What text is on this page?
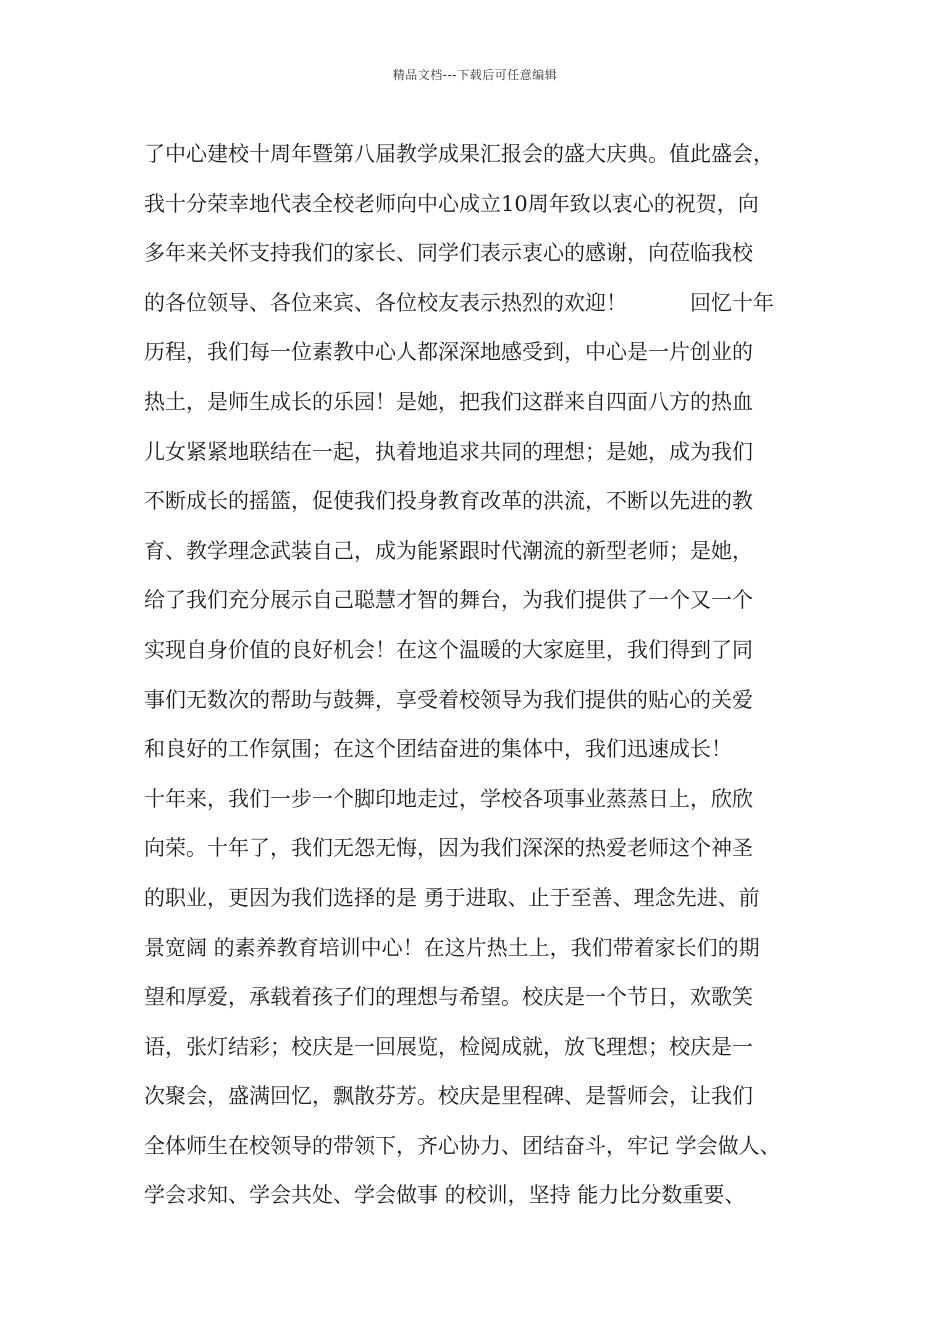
精品文档---下载后可任意编辑
了中心建校十周年暨第八届教学成果汇报会的盛大庆典。值此盛会，
我十分荣幸地代表全校老师向中心成立10周年致以衷心的祝贺，向
多年来关怀支持我们的家长、同学们表示衷心的感谢，向莅临我校
的各位领导、各位来宾、各位校友表示热烈的欢迎！　　　回忆十年
历程，我们每一位素教中心人都深深地感受到，中心是一片创业的
热土，是师生成长的乐园！是她，把我们这群来自四面八方的热血
儿女紧紧地联结在一起，执着地追求共同的理想；是她，成为我们
不断成长的摇篮，促使我们投身教育改革的洪流，不断以先进的教
育、教学理念武装自己，成为能紧跟时代潮流的新型老师；是她，
给了我们充分展示自己聪慧才智的舞台，为我们提供了一个又一个
实现自身价值的良好机会！在这个温暖的大家庭里，我们得到了同
事们无数次的帮助与鼓舞，享受着校领导为我们提供的贴心的关爱
和良好的工作氛围；在这个团结奋进的集体中，我们迅速成长！
十年来，我们一步一个脚印地走过，学校各项事业蒸蒸日上，欣欣
向荣。十年了，我们无怨无悔，因为我们深深的热爱老师这个神圣
的职业，更因为我们选择的是 勇于进取、止于至善、理念先进、前
景宽阔 的素养教育培训中心！在这片热土上，我们带着家长们的期
望和厚爱，承载着孩子们的理想与希望。校庆是一个节日，欢歌笑
语，张灯结彩；校庆是一回展览，检阅成就，放飞理想；校庆是一
次聚会，盛满回忆，飘散芬芳。校庆是里程碑、是誓师会，让我们
全体师生在校领导的带领下，齐心协力、团结奋斗，牢记 学会做人、
学会求知、学会共处、学会做事 的校训，坚持 能力比分数重要、
